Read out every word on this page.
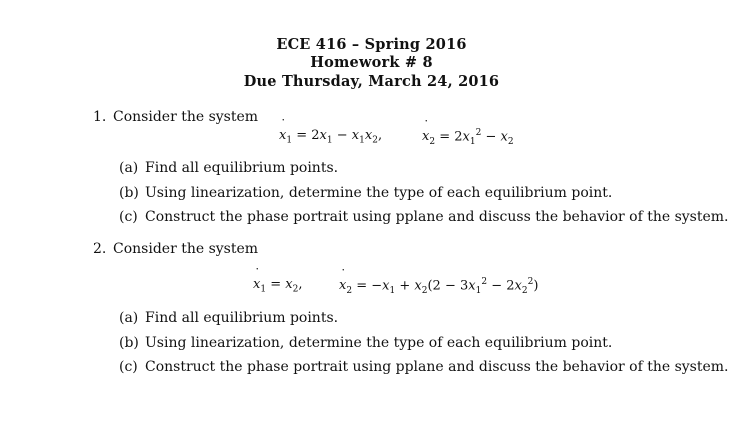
ECE 416 – Spring 2016
Homework # 8
Due Thursday, March 24, 2016
1. Consider the system
x $˙_1 = 2x_1 - x_1x_2$,	x $˙_2 = 2x_1^2 - x_2$
(a) Find all equilibrium points.
(b) Using linearization, determine the type of each equilibrium point.
(c) Construct the phase portrait using pplane and discuss the behavior of the system.
2. Consider the system
x $˙_1 = x_2$,	x $˙_2 = -x_1 + x_2(2 - 3x_1^2 - 2x_2^2)$
(a) Find all equilibrium points.
(b) Using linearization, determine the type of each equilibrium point.
(c) Construct the phase portrait using pplane and discuss the behavior of the system.
